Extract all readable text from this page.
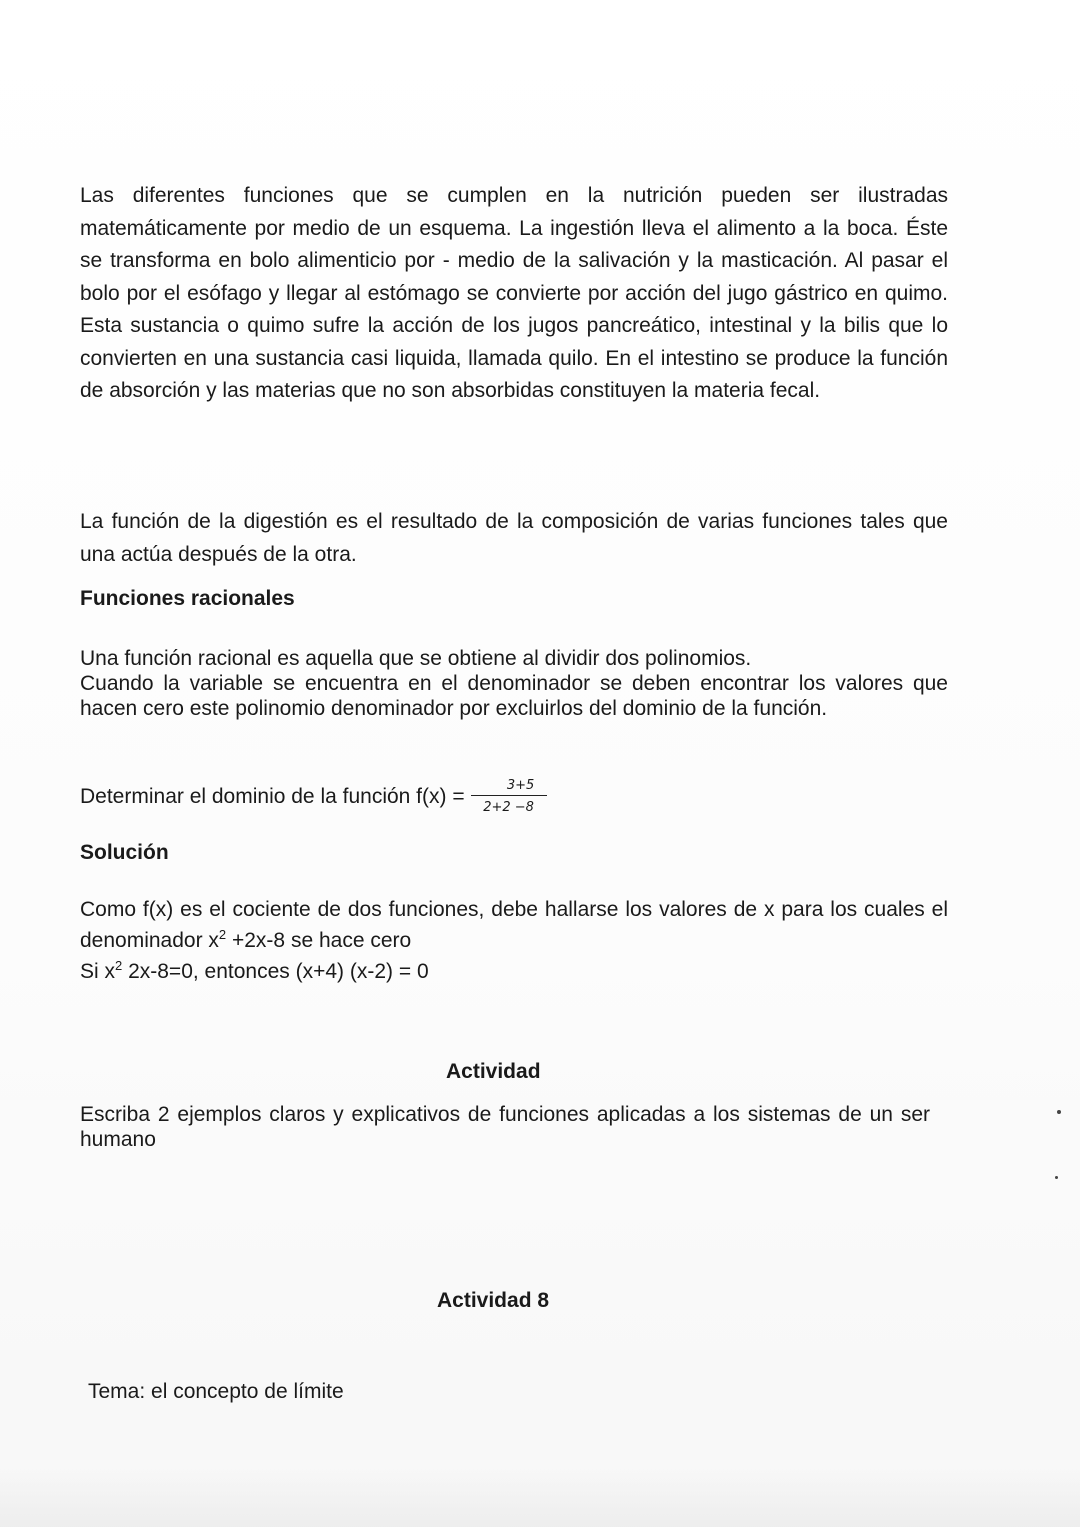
Las diferentes funciones que se cumplen en la nutrición pueden ser ilustradas matemáticamente por medio de un esquema. La ingestión lleva el alimento a la boca. Éste se transforma en bolo alimenticio por - medio de la salivación y la masticación. Al pasar el bolo por el esófago y llegar al estómago se convierte por acción del jugo gástrico en quimo. Esta sustancia o quimo sufre la acción de los jugos pancreático, intestinal y la bilis que lo convierten en una sustancia casi liquida, llamada quilo. En el intestino se produce la función de absorción y las materias que no son absorbidas constituyen la materia fecal.

La función de la digestión es el resultado de la composición de varias funciones tales que una actúa después de la otra.

Funciones racionales

Una función racional es aquella que se obtiene al dividir dos polinomios.

Cuando la variable se encuentra en el denominador se deben encontrar los valores que hacen cero este polinomio denominador por excluirlos del dominio de la función.

Determinar el dominio de la función $f(x) = \frac{3+5}{2+2 -8}$

Solución

Como f(x) es el cociente de dos funciones, debe hallarse los valores de x para los cuales el denominador $x^2 +2x-8$ se hace cero

Si $x^2$ 2x-8=0, entonces (x+4) (x-2) = 0

Actividad

Escriba 2 ejemplos claros y explicativos de funciones aplicadas a los sistemas de un ser humano

Actividad 8

Tema: el concepto de límite
